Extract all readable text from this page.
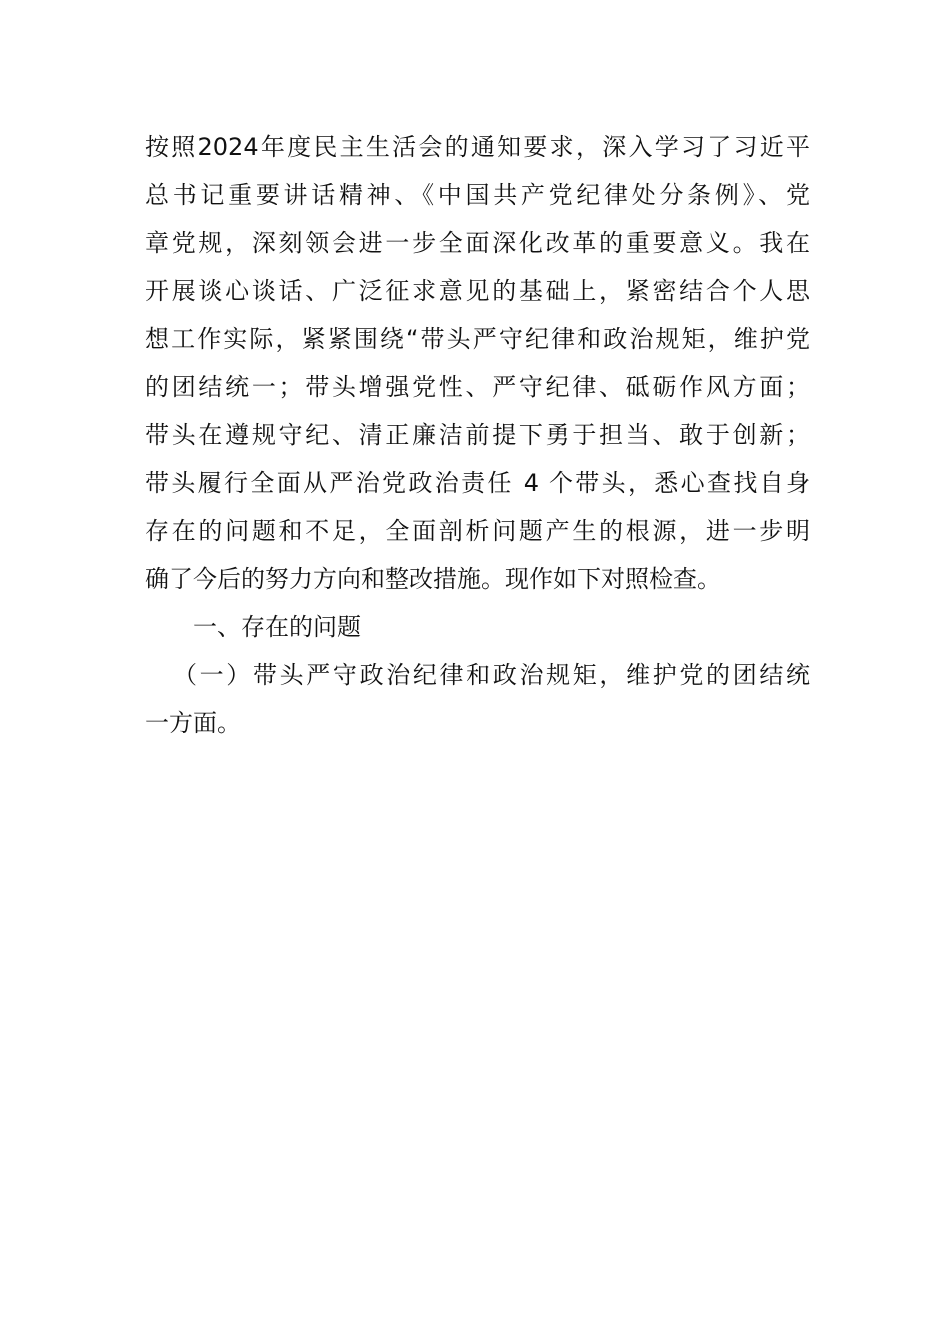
按照2024年度民主生活会的通知要求，深入学习了习近平
总书记重要讲话精神、《中国共产党纪律处分条例》、党
章党规，深刻领会进一步全面深化改革的重要意义。我在
开展谈心谈话、广泛征求意见的基础上，紧密结合个人思
想工作实际，紧紧围绕“带头严守纪律和政治规矩，维护党
的团结统一；带头增强党性、严守纪律、砥砺作风方面；
带头在遵规守纪、清正廉洁前提下勇于担当、敢于创新；
带头履行全面从严治党政治责任 4 个带头，悉心查找自身
存在的问题和不足，全面剖析问题产生的根源，进一步明
确了今后的努力方向和整改措施。现作如下对照检查。
一、存在的问题
（一）带头严守政治纪律和政治规矩，维护党的团结统
一方面。
